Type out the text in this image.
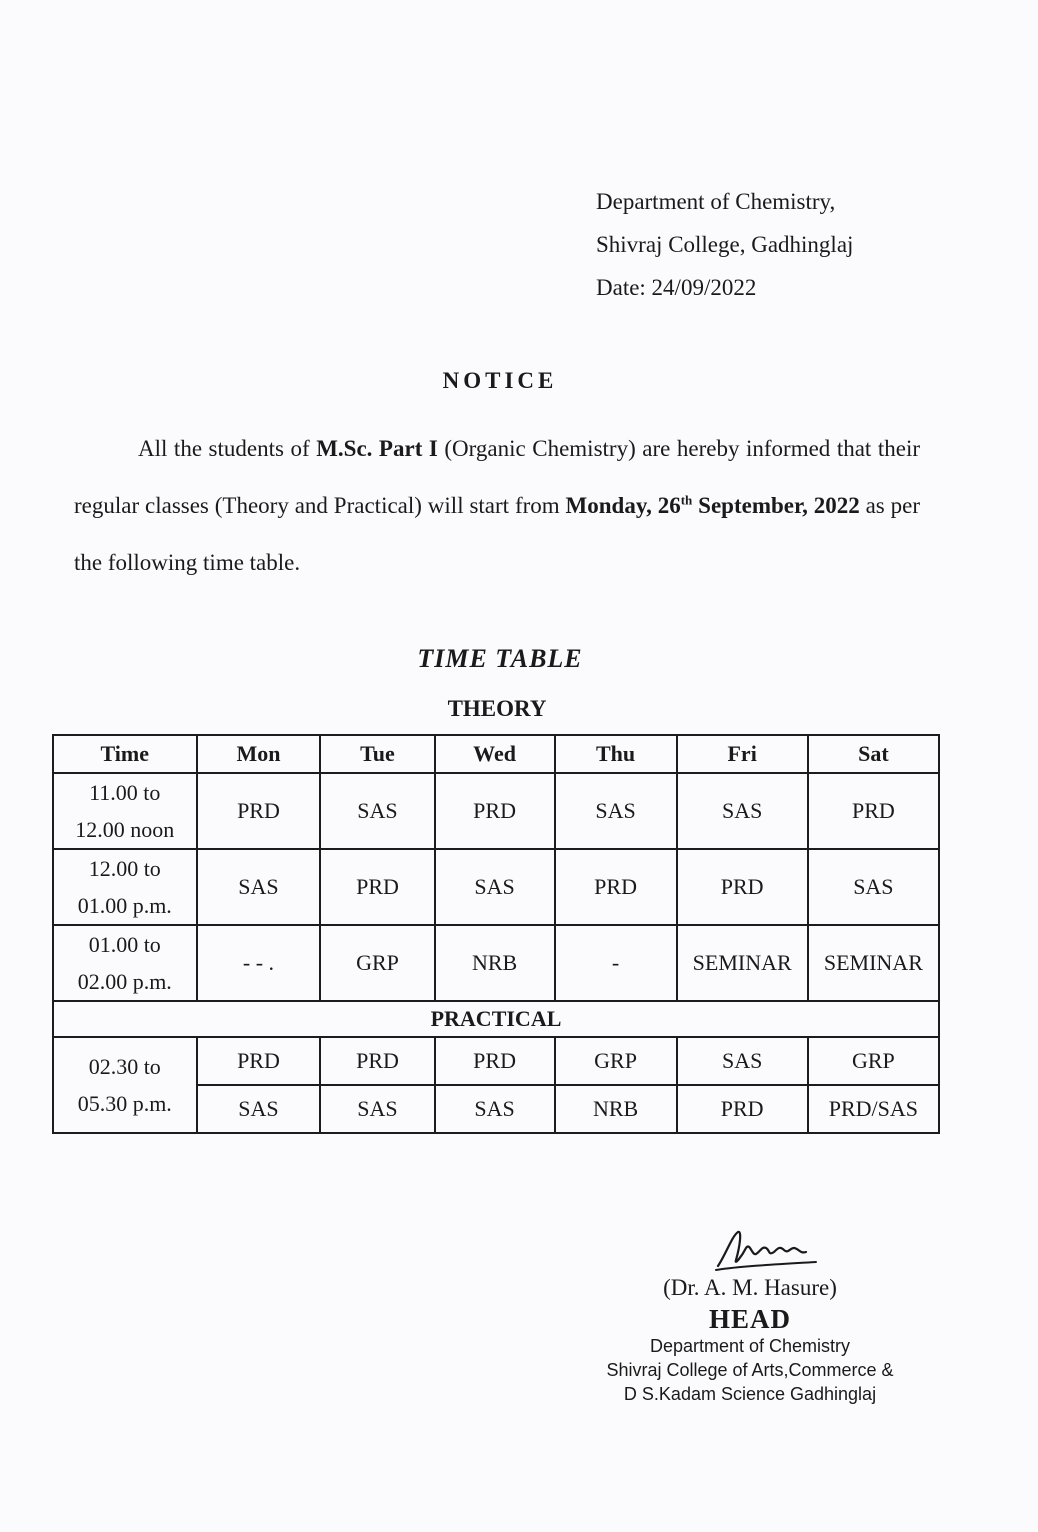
Department of Chemistry,
Shivraj College, Gadhinglaj
Date: 24/09/2022
NOTICE
All the students of M.Sc. Part I (Organic Chemistry) are hereby informed that their regular classes (Theory and Practical) will start from Monday, 26th September, 2022 as per the following time table.
TIME TABLE
THEORY
Time	Mon	Tue	Wed	Thu	Fri	Sat
11.00 to
12.00 noon	PRD	SAS	PRD	SAS	SAS	PRD
12.00 to
01.00 p.m.	SAS	PRD	SAS	PRD	PRD	SAS
01.00 to
02.00 p.m.	- - .	GRP	NRB	-	SEMINAR	SEMINAR
PRACTICAL						
02.30 to
05.30 p.m.	PRD	PRD	PRD	GRP	SAS	GRP
	SAS	SAS	SAS	NRB	PRD	PRD/SAS
(Dr. A. M. Hasure)
HEAD
Department of Chemistry
Shivraj College of Arts,Commerce &
D S.Kadam Science Gadhinglaj
